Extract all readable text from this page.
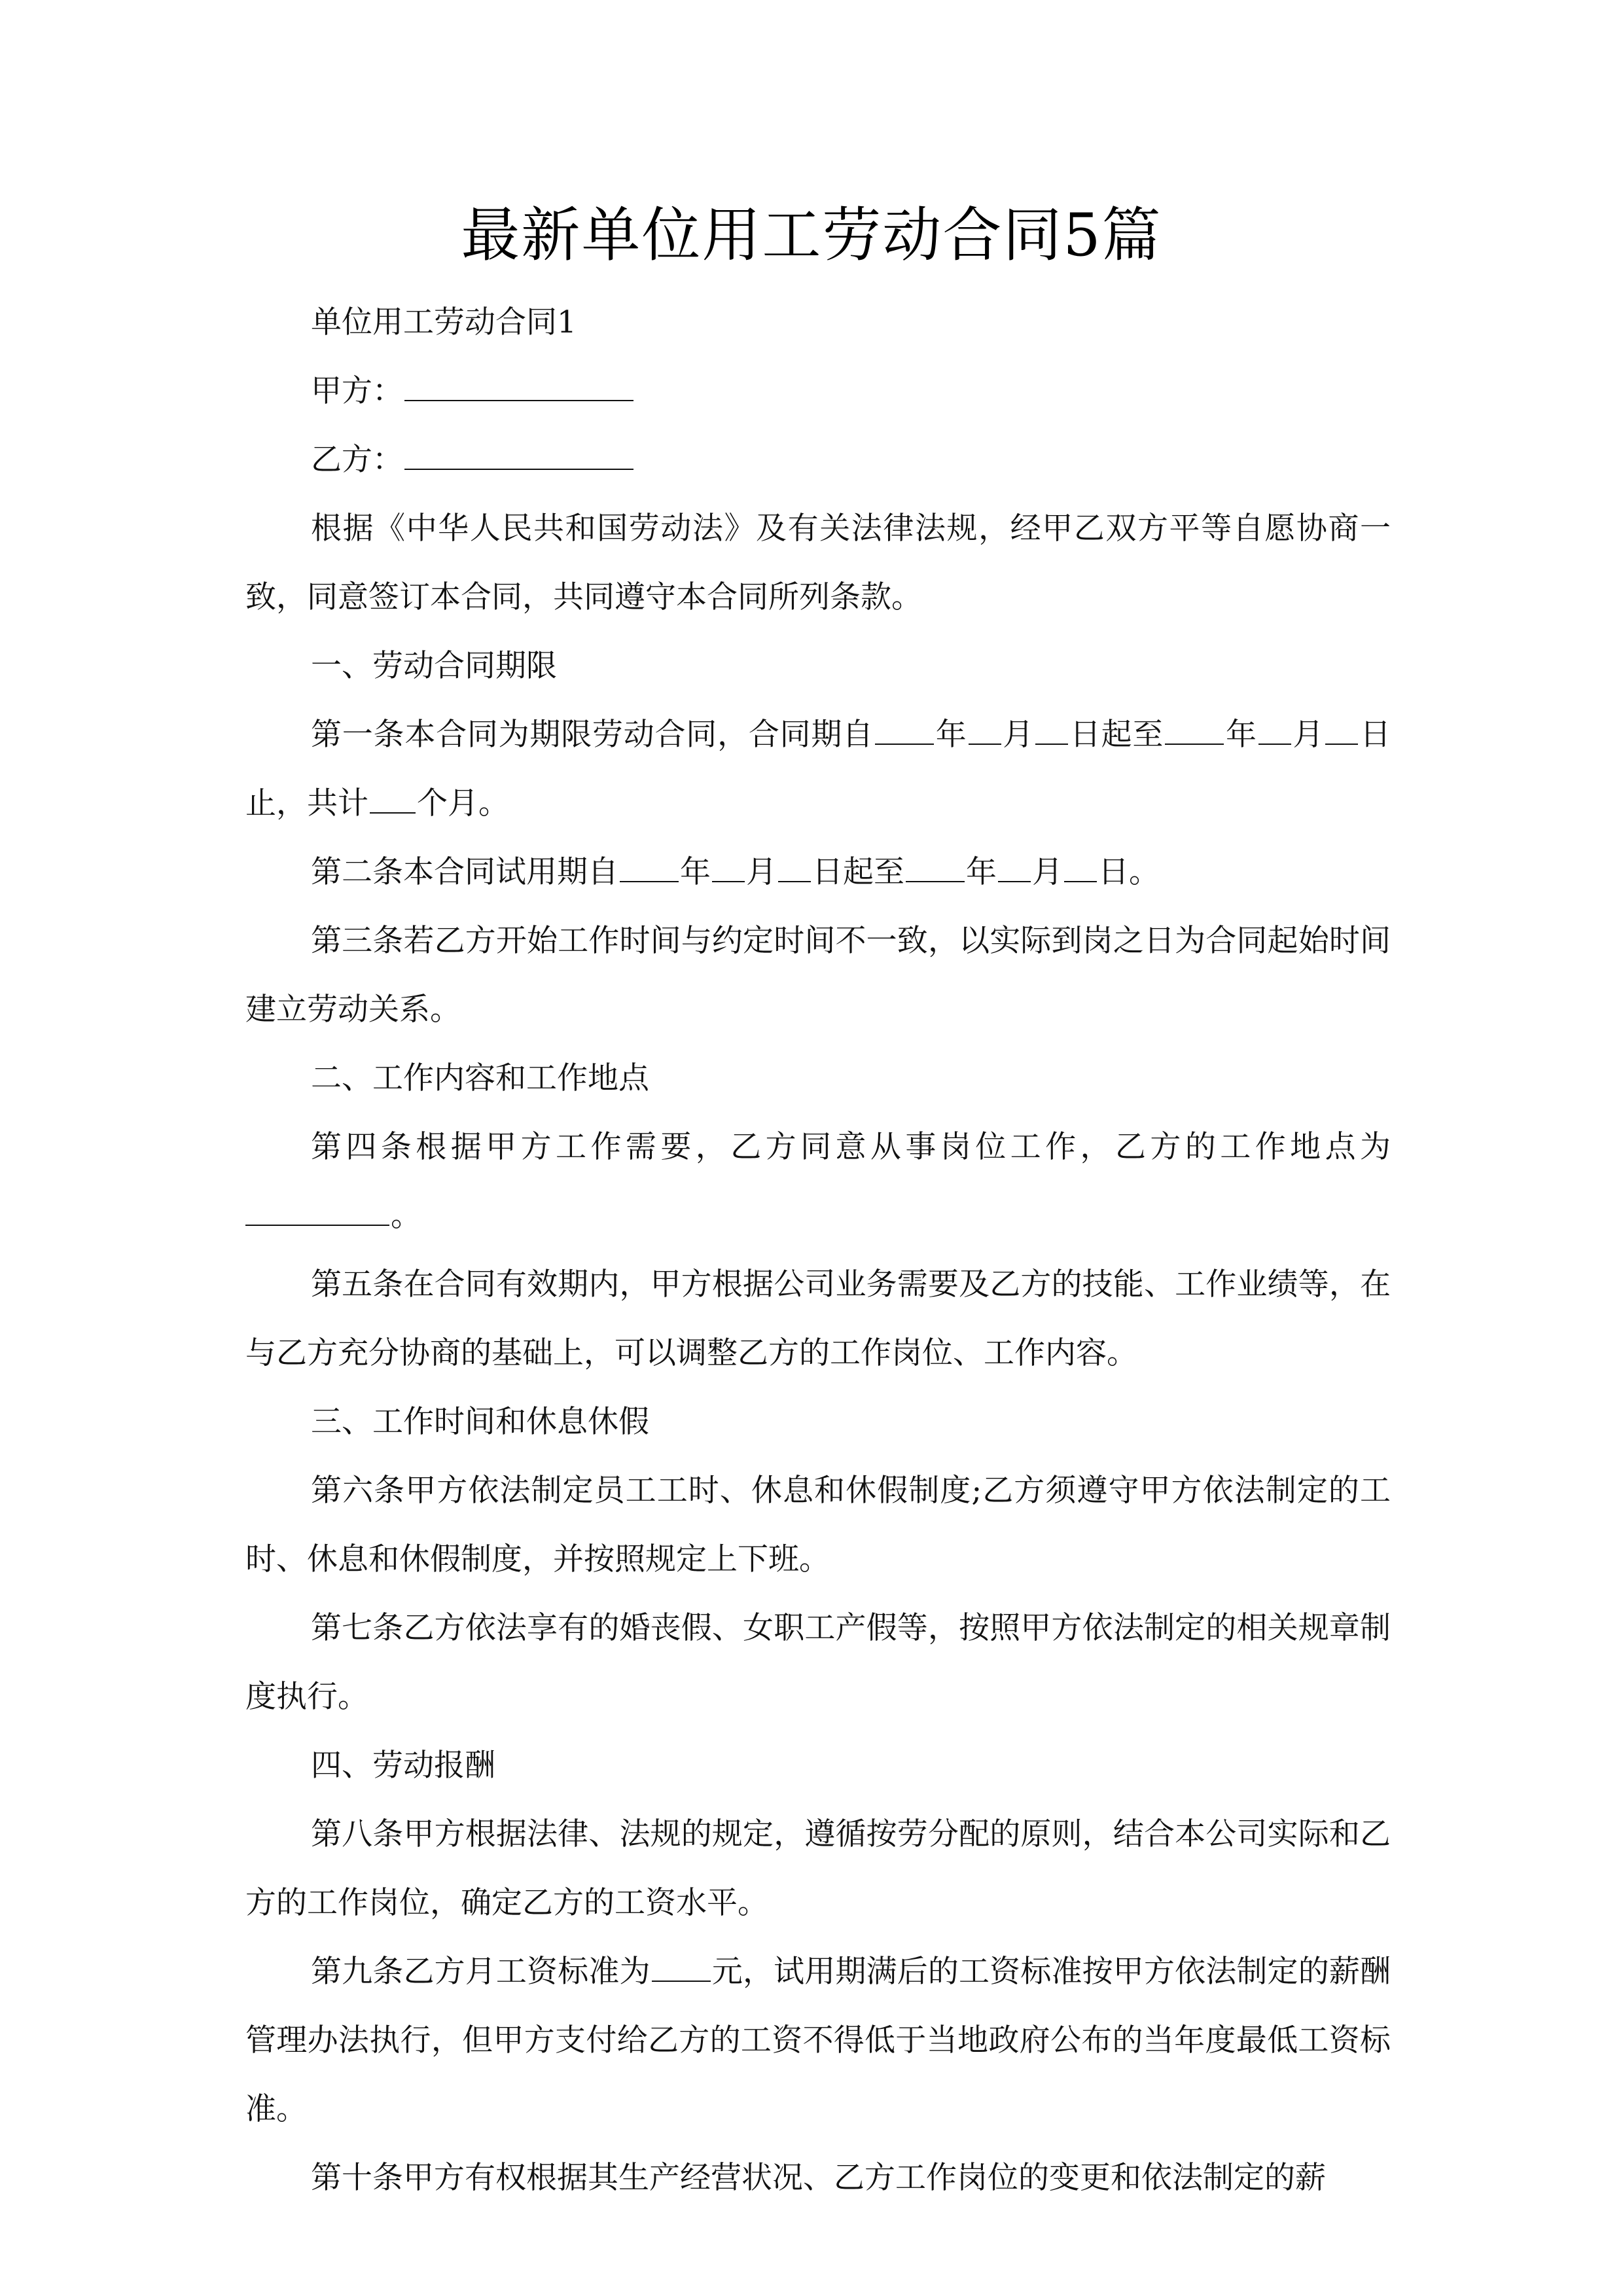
最新单位用工劳动合同5篇

单位用工劳动合同1

甲方：

乙方：

根据《中华人民共和国劳动法》及有关法律法规，经甲乙双方平等自愿协商一致，同意签订本合同，共同遵守本合同所列条款。

一、劳动合同期限

第一条本合同为期限劳动合同，合同期自 年 月 日起至 年 月 日止，共计 个月。

第二条本合同试用期自 年 月 日起至 年 月 日。

第三条若乙方开始工作时间与约定时间不一致，以实际到岗之日为合同起始时间建立劳动关系。

二、工作内容和工作地点

第四条根据甲方工作需要，乙方同意从事岗位工作，乙方的工作地点为。

第五条在合同有效期内，甲方根据公司业务需要及乙方的技能、工作业绩等，在与乙方充分协商的基础上，可以调整乙方的工作岗位、工作内容。

三、工作时间和休息休假

第六条甲方依法制定员工工时、休息和休假制度;乙方须遵守甲方依法制定的工时、休息和休假制度，并按照规定上下班。

第七条乙方依法享有的婚丧假、女职工产假等，按照甲方依法制定的相关规章制度执行。

四、劳动报酬

第八条甲方根据法律、法规的规定，遵循按劳分配的原则，结合本公司实际和乙方的工作岗位，确定乙方的工资水平。

第九条乙方月工资标准为 元，试用期满后的工资标准按甲方依法制定的薪酬管理办法执行，但甲方支付给乙方的工资不得低于当地政府公布的当年度最低工资标准。

第十条甲方有权根据其生产经营状况、乙方工作岗位的变更和依法制定的薪
